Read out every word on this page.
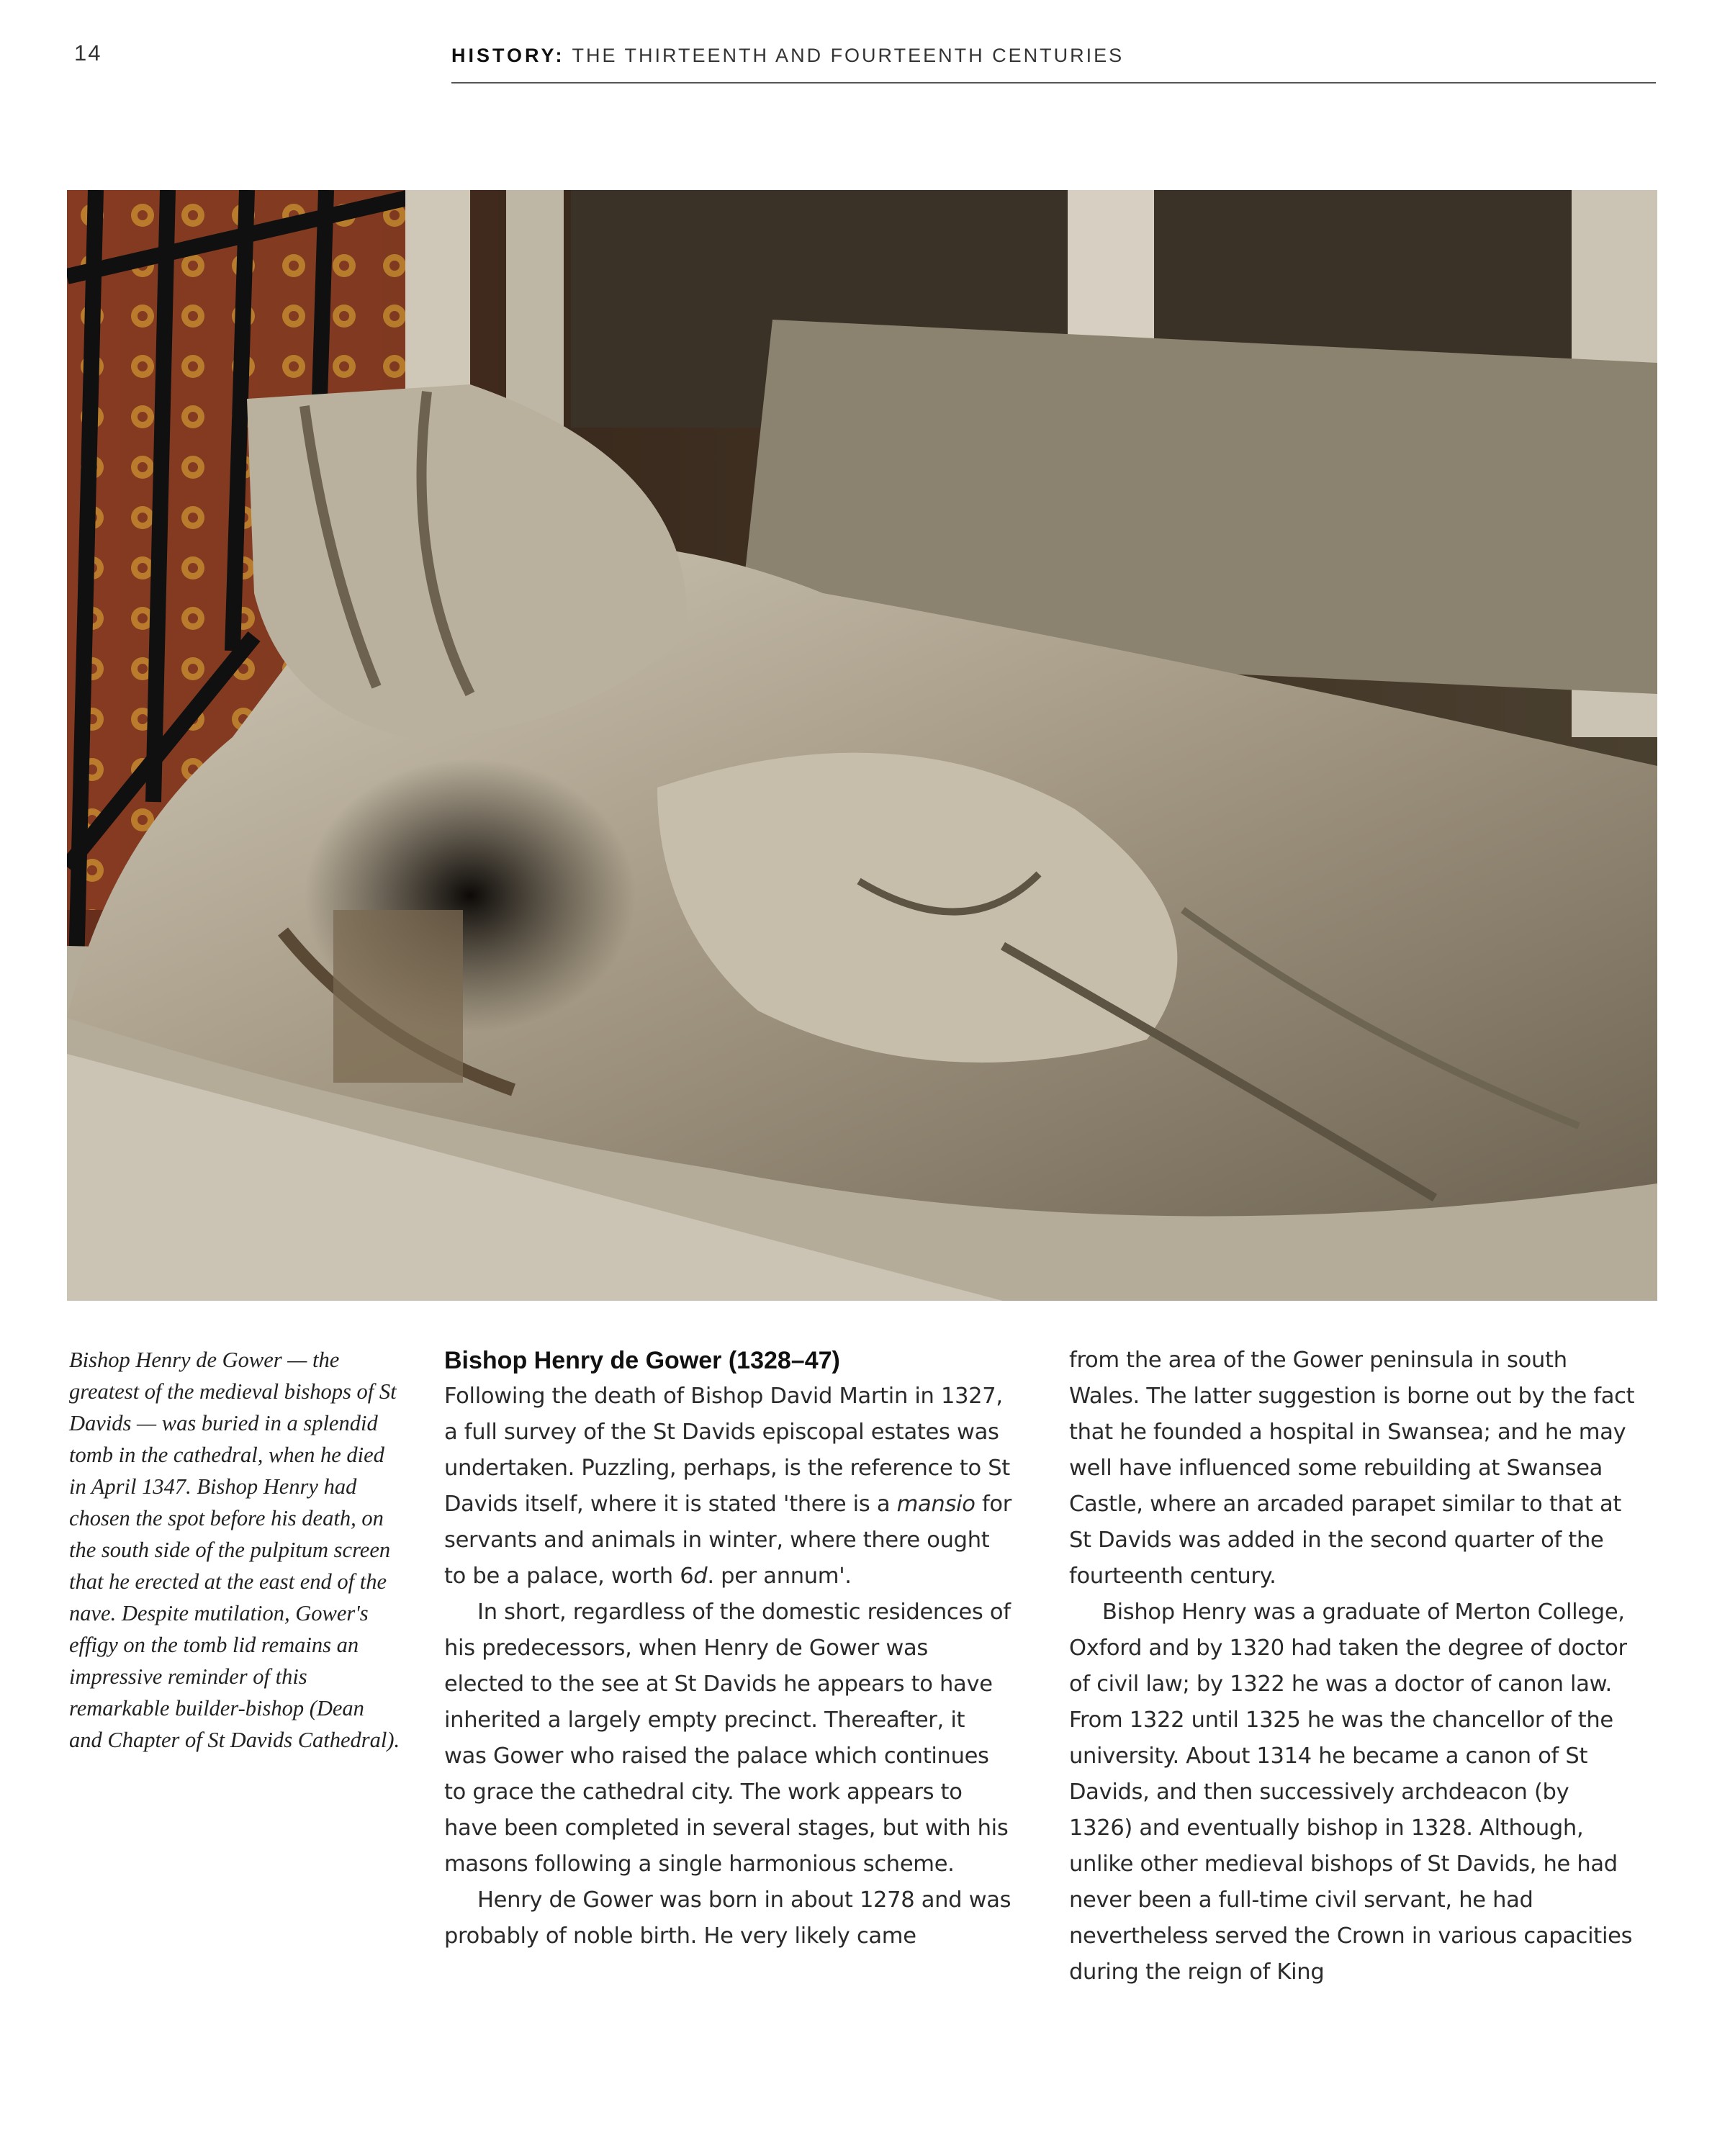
14	HISTORY: THE THIRTEENTH AND FOURTEENTH CENTURIES
Bishop Henry de Gower — the greatest of the medieval bishops of St Davids — was buried in a splendid tomb in the cathedral, when he died in April 1347. Bishop Henry had chosen the spot before his death, on the south side of the pulpitum screen that he erected at the east end of the nave. Despite mutilation, Gower's effigy on the tomb lid remains an impressive reminder of this remarkable builder-bishop (Dean and Chapter of St Davids Cathedral).
Bishop Henry de Gower (1328–47)

Following the death of Bishop David Martin in 1327, a full survey of the St Davids episcopal estates was undertaken. Puzzling, perhaps, is the reference to St Davids itself, where it is stated 'there is a mansio for servants and animals in winter, where there ought to be a palace, worth 6d. per annum'.

In short, regardless of the domestic residences of his predecessors, when Henry de Gower was elected to the see at St Davids he appears to have inherited a largely empty precinct. Thereafter, it was Gower who raised the palace which continues to grace the cathedral city. The work appears to have been completed in several stages, but with his masons following a single harmonious scheme.

Henry de Gower was born in about 1278 and was probably of noble birth. He very likely came

from the area of the Gower peninsula in south Wales. The latter suggestion is borne out by the fact that he founded a hospital in Swansea; and he may well have influenced some rebuilding at Swansea Castle, where an arcaded parapet similar to that at St Davids was added in the second quarter of the fourteenth century.

Bishop Henry was a graduate of Merton College, Oxford and by 1320 had taken the degree of doctor of civil law; by 1322 he was a doctor of canon law. From 1322 until 1325 he was the chancellor of the university. About 1314 he became a canon of St Davids, and then successively archdeacon (by 1326) and eventually bishop in 1328. Although, unlike other medieval bishops of St Davids, he had never been a full-time civil servant, he had nevertheless served the Crown in various capacities during the reign of King
